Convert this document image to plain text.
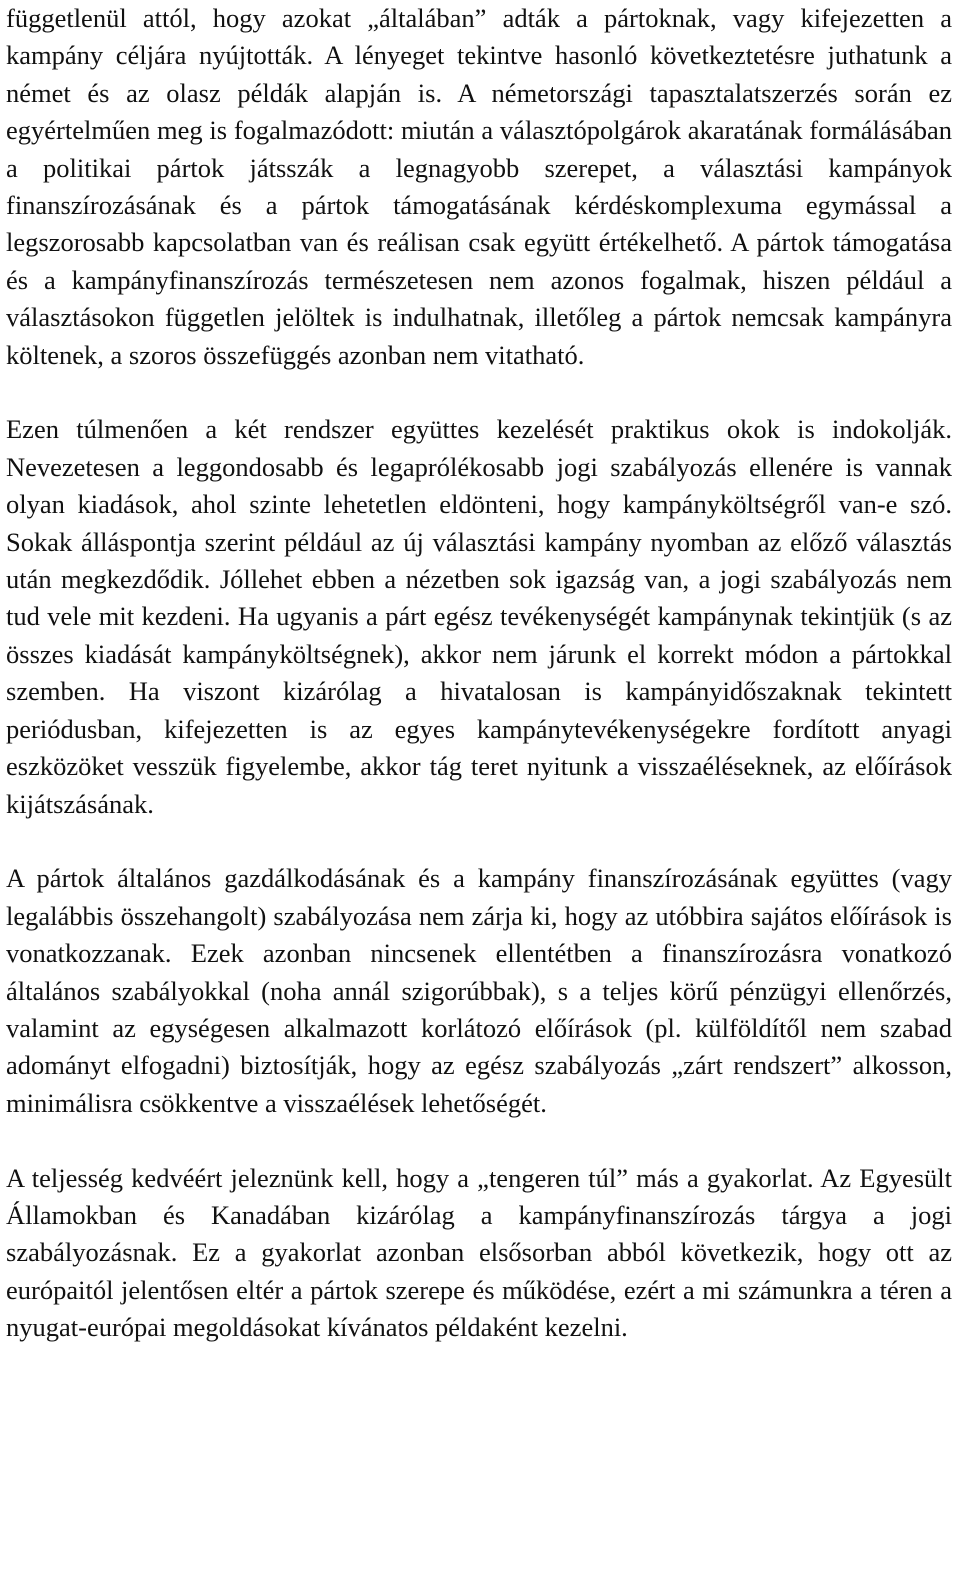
függetlenül attól, hogy azokat „általában” adták a pártoknak, vagy kifejezetten a kampány céljára nyújtották. A lényeget tekintve hasonló következtetésre juthatunk a német és az olasz példák alapján is. A németországi tapasztalatszerzés során ez egyértelműen meg is fogalmazódott: miután a választópolgárok akaratának formálásában a politikai pártok játsszák a legnagyobb szerepet, a választási kampányok finanszírozásának és a pártok támogatásának kérdéskomplexuma egymással a legszorosabb kapcsolatban van és reálisan csak együtt értékelhető. A pártok támogatása és a kampányfinanszírozás természetesen nem azonos fogalmak, hiszen például a választásokon független jelöltek is indulhatnak, illetőleg a pártok nemcsak kampányra költenek, a szoros összefüggés azonban nem vitatható.

Ezen túlmenően a két rendszer együttes kezelését praktikus okok is indokolják. Nevezetesen a leggondosabb és legaprólékosabb jogi szabályozás ellenére is vannak olyan kiadások, ahol szinte lehetetlen eldönteni, hogy kampányköltségről van-e szó. Sokak álláspontja szerint például az új választási kampány nyomban az előző választás után megkezdődik. Jóllehet ebben a nézetben sok igazság van, a jogi szabályozás nem tud vele mit kezdeni. Ha ugyanis a párt egész tevékenységét kampánynak tekintjük (s az összes kiadását kampányköltségnek), akkor nem járunk el korrekt módon a pártokkal szemben. Ha viszont kizárólag a hivatalosan is kampányidőszaknak tekintett periódusban, kifejezetten is az egyes kampánytevékenységekre fordított anyagi eszközöket vesszük figyelembe, akkor tág teret nyitunk a visszaéléseknek, az előírások kijátszásának.

A pártok általános gazdálkodásának és a kampány finanszírozásának együttes (vagy legalábbis összehangolt) szabályozása nem zárja ki, hogy az utóbbira sajátos előírások is vonatkozzanak. Ezek azonban nincsenek ellentétben a finanszírozásra vonatkozó általános szabályokkal (noha annál szigorúbbak), s a teljes körű pénzügyi ellenőrzés, valamint az egységesen alkalmazott korlátozó előírások (pl. külföldítől nem szabad adományt elfogadni) biztosítják, hogy az egész szabályozás „zárt rendszert” alkosson, minimálisra csökkentve a visszaélések lehetőségét.

A teljesség kedvéért jeleznünk kell, hogy a „tengeren túl” más a gyakorlat. Az Egyesült Államokban és Kanadában kizárólag a kampányfinanszírozás tárgya a jogi szabályozásnak. Ez a gyakorlat azonban elsősorban abból következik, hogy ott az európaitól jelentősen eltér a pártok szerepe és működése, ezért a mi számunkra a téren a nyugat-európai megoldásokat kívánatos példaként kezelni.
